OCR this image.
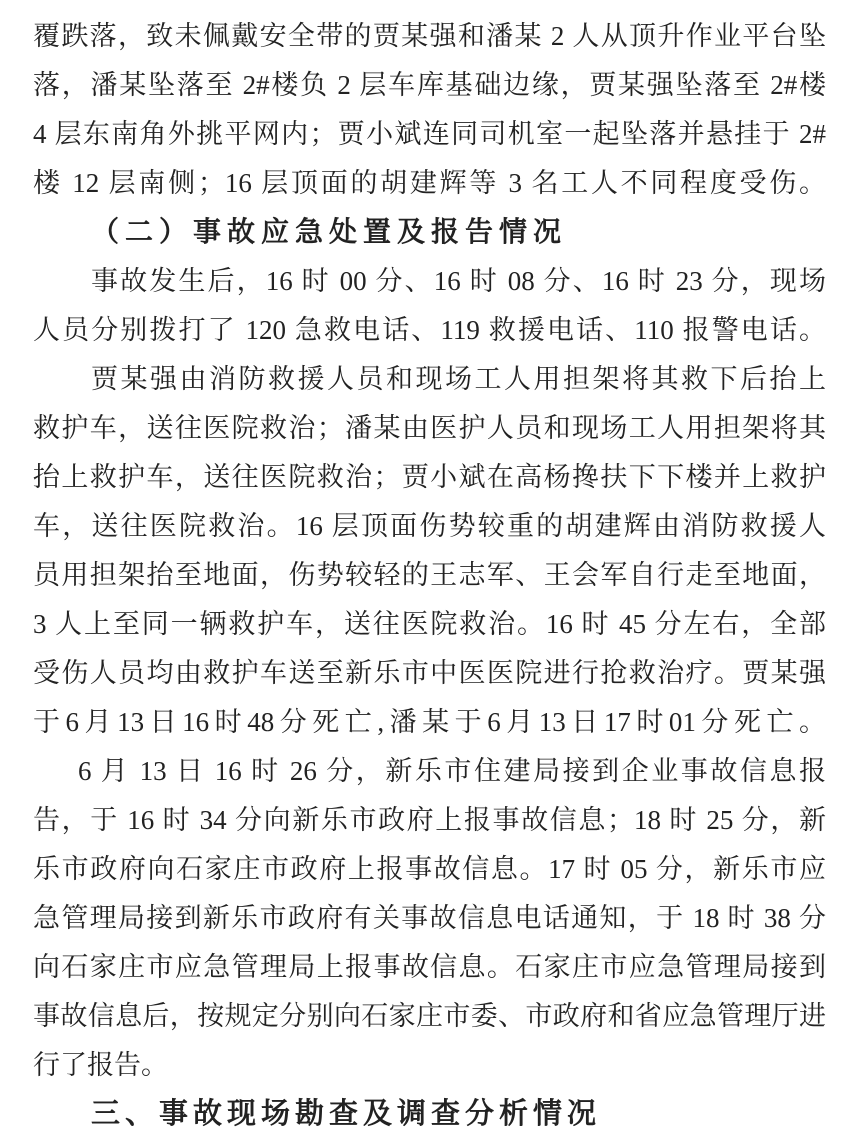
覆跌落，致未佩戴安全带的贾某强和潘某 2 人从顶升作业平台坠
落，潘某坠落至 2#楼负 2 层车库基础边缘，贾某强坠落至 2#楼
4 层东南角外挑平网内；贾小斌连同司机室一起坠落并悬挂于 2#
楼 12 层南侧；16 层顶面的胡建辉等 3 名工人不同程度受伤。
（二）事故应急处置及报告情况
事故发生后，16 时 00 分、16 时 08 分、16 时 23 分，现场
人员分别拨打了 120 急救电话、119 救援电话、110 报警电话。
贾某强由消防救援人员和现场工人用担架将其救下后抬上
救护车，送往医院救治；潘某由医护人员和现场工人用担架将其
抬上救护车，送往医院救治；贾小斌在高杨搀扶下下楼并上救护
车，送往医院救治。16 层顶面伤势较重的胡建辉由消防救援人
员用担架抬至地面，伤势较轻的王志军、王会军自行走至地面，
3 人上至同一辆救护车，送往医院救治。16 时 45 分左右，全部
受伤人员均由救护车送至新乐市中医医院进行抢救治疗。贾某强
于6月13日16时48分死亡,潘某于6月13日17时01分死亡。
6 月 13 日 16 时 26 分，新乐市住建局接到企业事故信息报
告，于 16 时 34 分向新乐市政府上报事故信息；18 时 25 分，新
乐市政府向石家庄市政府上报事故信息。17 时 05 分，新乐市应
急管理局接到新乐市政府有关事故信息电话通知，于 18 时 38 分
向石家庄市应急管理局上报事故信息。石家庄市应急管理局接到
事故信息后，按规定分别向石家庄市委、市政府和省应急管理厅进
行了报告。
三、事故现场勘查及调查分析情况
